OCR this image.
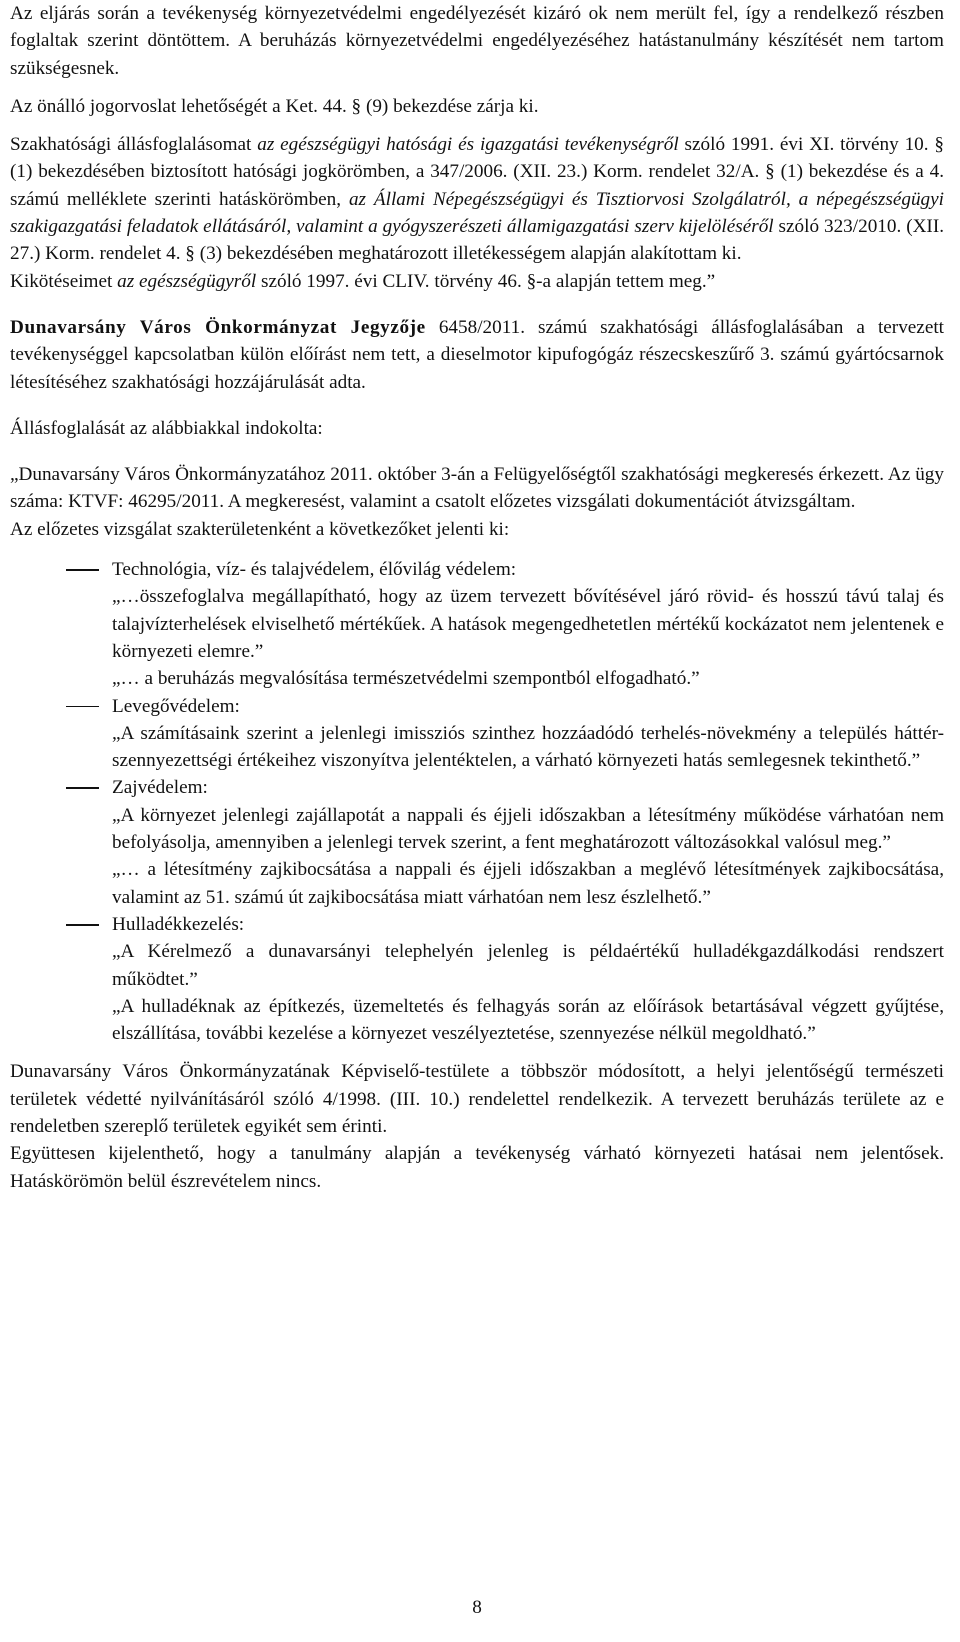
Az eljárás során a tevékenység környezetvédelmi engedélyezését kizáró ok nem merült fel, így a rendelkező részben foglaltak szerint döntöttem. A beruházás környezetvédelmi engedélyezéséhez hatástanulmány készítését nem tartom szükségesnek.

Az önálló jogorvoslat lehetőségét a Ket. 44. § (9) bekezdése zárja ki.

Szakhatósági állásfoglalásomat az egészségügyi hatósági és igazgatási tevékenységről szóló 1991. évi XI. törvény 10. § (1) bekezdésében biztosított hatósági jogkörömben, a 347/2006. (XII. 23.) Korm. rendelet 32/A. § (1) bekezdése és a 4. számú melléklete szerinti hatáskörömben, az Állami Népegészségügyi és Tisztiorvosi Szolgálatról, a népegészségügyi szakigazgatási feladatok ellátásáról, valamint a gyógyszerészeti államigazgatási szerv kijelöléséről szóló 323/2010. (XII. 27.) Korm. rendelet 4. § (3) bekezdésében meghatározott illetékességem alapján alakítottam ki.

Kikötéseimet az egészségügyről szóló 1997. évi CLIV. törvény 46. §-a alapján tettem meg.”

Dunavarsány Város Önkormányzat Jegyzője 6458/2011. számú szakhatósági állásfoglalásában a tervezett tevékenységgel kapcsolatban külön előírást nem tett, a dieselmotor kipufogógáz részecskeszűrő 3. számú gyártócsarnok létesítéséhez szakhatósági hozzájárulását adta.

Állásfoglalását az alábbiakkal indokolta:

„Dunavarsány Város Önkormányzatához 2011. október 3-án a Felügyelőségtől szakhatósági megkeresés érkezett. Az ügy száma: KTVF: 46295/2011. A megkeresést, valamint a csatolt előzetes vizsgálati dokumentációt átvizsgáltam.

Az előzetes vizsgálat szakterületenként a következőket jelenti ki:

Technológia, víz- és talajvédelem, élővilág védelem:
„…összefoglalva megállapítható, hogy az üzem tervezett bővítésével járó rövid- és hosszú távú talaj és talajvízterhelések elviselhető mértékűek. A hatások megengedhetetlen mértékű kockázatot nem jelentenek e környezeti elemre.”
„… a beruházás megvalósítása természetvédelmi szempontból elfogadható.”
Levegővédelem:
„A számításaink szerint a jelenlegi imissziós szinthez hozzáadódó terhelés-növekmény a település háttér-szennyezettségi értékeihez viszonyítva jelentéktelen, a várható környezeti hatás semlegesnek tekinthető.”
Zajvédelem:
„A környezet jelenlegi zajállapotát a nappali és éjjeli időszakban a létesítmény működése várhatóan nem befolyásolja, amennyiben a jelenlegi tervek szerint, a fent meghatározott változásokkal valósul meg.”
„… a létesítmény zajkibocsátása a nappali és éjjeli időszakban a meglévő létesítmények zajkibocsátása, valamint az 51. számú út zajkibocsátása miatt várhatóan nem lesz észlelhető.”
Hulladékkezelés:
„A Kérelmező a dunavarsányi telephelyén jelenleg is példaértékű hulladékgazdálkodási rendszert működtet.”
„A hulladéknak az építkezés, üzemeltetés és felhagyás során az előírások betartásával végzett gyűjtése, elszállítása, további kezelése a környezet veszélyeztetése, szennyezése nélkül megoldható.”

Dunavarsány Város Önkormányzatának Képviselő-testülete a többször módosított, a helyi jelentőségű természeti területek védetté nyilvánításáról szóló 4/1998. (III. 10.) rendelettel rendelkezik. A tervezett beruházás területe az e rendeletben szereplő területek egyikét sem érinti.

Együttesen kijelenthető, hogy a tanulmány alapján a tevékenység várható környezeti hatásai nem jelentősek. Hatáskörömön belül észrevételem nincs.

8
